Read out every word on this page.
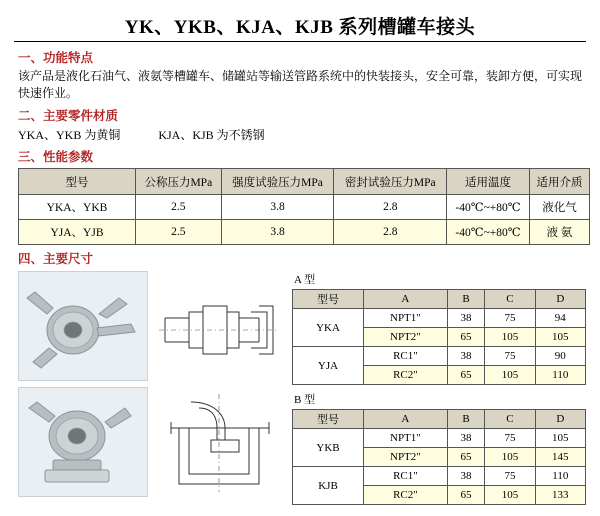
YK、YKB、KJA、KJB 系列槽罐车接头
一、功能特点
该产品是液化石油气、液氨等槽罐车、储罐站等输送管路系统中的快装接头，安全可靠，装卸方便，可实现快速作业。
二、主要零件材质
YKA、YKB 为黄铜	KJA、KJB 为不锈钢
三、性能参数
型号	公称压力MPa	强度试验压力MPa	密封试验压力MPa	适用温度	适用介质
YKA、YKB	2.5	3.8	2.8	-40℃~+80℃	液化气
YJA、YJB	2.5	3.8	2.8	-40℃~+80℃	液 氨
四、主要尺寸
A 型
型号	A	B	C	D
YKA	NPT1"	38	75	94
	NPT2"	65	105	105
YJA	RC1"	38	75	90
	RC2"	65	105	110
B 型
型号	A	B	C	D
YKB	NPT1"	38	75	105
	NPT2"	65	105	145
KJB	RC1"	38	75	110
	RC2"	65	105	133
